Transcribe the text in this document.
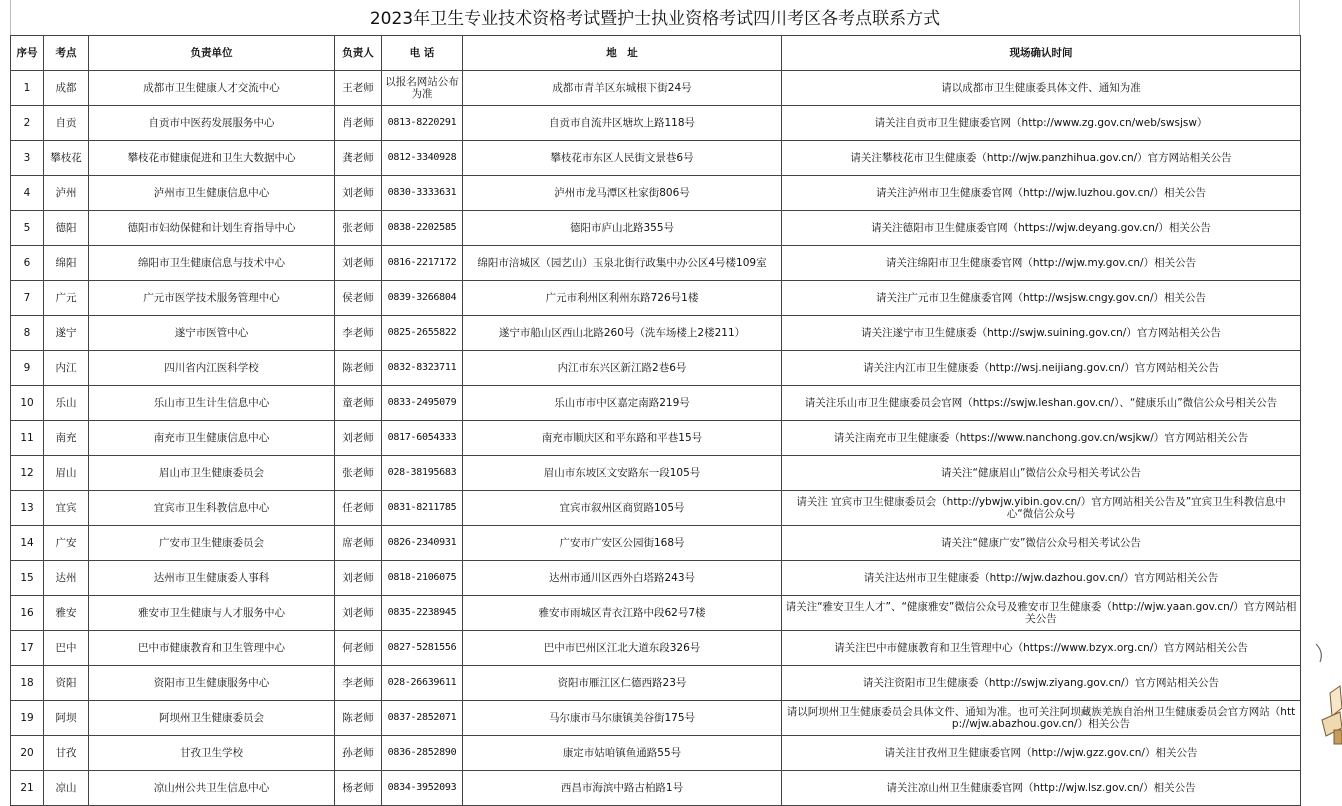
2023年卫生专业技术资格考试暨护士执业资格考试四川考区各考点联系方式
序号	考点	负责单位	负责人	电 话	地　址	现场确认时间
1	成都	成都市卫生健康人才交流中心	王老师	以报名网站公布为准	成都市青羊区东城根下街24号	请以成都市卫生健康委具体文件、通知为准
2	自贡	自贡市中医药发展服务中心	肖老师	0813-8220291	自贡市自流井区塘坎上路118号	请关注自贡市卫生健康委官网（http://www.zg.gov.cn/web/swsjsw）
3	攀枝花	攀枝花市健康促进和卫生大数据中心	龚老师	0812-3340928	攀枝花市东区人民街文景巷6号	请关注攀枝花市卫生健康委（http://wjw.panzhihua.gov.cn/）官方网站相关公告
4	泸州	泸州市卫生健康信息中心	刘老师	0830-3333631	泸州市龙马潭区杜家街806号	请关注泸州市卫生健康委官网（http://wjw.luzhou.gov.cn/）相关公告
5	德阳	德阳市妇幼保健和计划生育指导中心	张老师	0838-2202585	德阳市庐山北路355号	请关注德阳市卫生健康委官网（https://wjw.deyang.gov.cn/）相关公告
6	绵阳	绵阳市卫生健康信息与技术中心	刘老师	0816-2217172	绵阳市涪城区（园艺山）玉泉北街行政集中办公区4号楼109室	请关注绵阳市卫生健康委官网（http://wjw.my.gov.cn/）相关公告
7	广元	广元市医学技术服务管理中心	侯老师	0839-3266804	广元市利州区利州东路726号1楼	请关注广元市卫生健康委官网（http://wsjsw.cngy.gov.cn/）相关公告
8	遂宁	遂宁市医管中心	李老师	0825-2655822	遂宁市船山区西山北路260号（洗车场楼上2楼211）	请关注遂宁市卫生健康委（http://swjw.suining.gov.cn/）官方网站相关公告
9	内江	四川省内江医科学校	陈老师	0832-8323711	内江市东兴区新江路2巷6号	请关注内江市卫生健康委（http://wsj.neijiang.gov.cn/）官方网站相关公告
10	乐山	乐山市卫生计生信息中心	童老师	0833-2495079	乐山市市中区嘉定南路219号	请关注乐山市卫生健康委员会官网（https://swjw.leshan.gov.cn/）、“健康乐山”微信公众号相关公告
11	南充	南充市卫生健康信息中心	刘老师	0817-6054333	南充市顺庆区和平东路和平巷15号	请关注南充市卫生健康委（https://www.nanchong.gov.cn/wsjkw/）官方网站相关公告
12	眉山	眉山市卫生健康委员会	张老师	028-38195683	眉山市东坡区文安路东一段105号	请关注“健康眉山”微信公众号相关考试公告
13	宜宾	宜宾市卫生科教信息中心	任老师	0831-8211785	宜宾市叙州区商贸路105号	请关注 宜宾市卫生健康委员会（http://ybwjw.yibin.gov.cn/）官方网站相关公告及”宜宾卫生科教信息中心“微信公众号
14	广安	广安市卫生健康委员会	席老师	0826-2340931	广安市广安区公园街168号	请关注“健康广安”微信公众号相关考试公告
15	达州	达州市卫生健康委人事科	刘老师	0818-2106075	达州市通川区西外白塔路243号	请关注达州市卫生健康委（http://wjw.dazhou.gov.cn/）官方网站相关公告
16	雅安	雅安市卫生健康与人才服务中心	刘老师	0835-2238945	雅安市雨城区青衣江路中段62号7楼	请关注“雅安卫生人才”、“健康雅安”微信公众号及雅安市卫生健康委（http://wjw.yaan.gov.cn/）官方网站相关公告
17	巴中	巴中市健康教育和卫生管理中心	何老师	0827-5281556	巴中市巴州区江北大道东段326号	请关注巴中市健康教育和卫生管理中心（https://www.bzyx.org.cn/）官方网站相关公告
18	资阳	资阳市卫生健康服务中心	李老师	028-26639611	资阳市雁江区仁德西路23号	请关注资阳市卫生健康委（http://swjw.ziyang.gov.cn/）官方网站相关公告
19	阿坝	阿坝州卫生健康委员会	陈老师	0837-2852071	马尔康市马尔康镇美谷街175号	请以阿坝州卫生健康委员会具体文件、通知为准。也可关注阿坝藏族羌族自治州卫生健康委员会官方网站（http://wjw.abazhou.gov.cn/）相关公告
20	甘孜	甘孜卫生学校	孙老师	0836-2852890	康定市姑咱镇鱼通路55号	请关注甘孜州卫生健康委官网（http://wjw.gzz.gov.cn/）相关公告
21	凉山	凉山州公共卫生信息中心	杨老师	0834-3952093	西昌市海滨中路古柏路1号	请关注凉山州卫生健康委官网（http://wjw.lsz.gov.cn/）相关公告
